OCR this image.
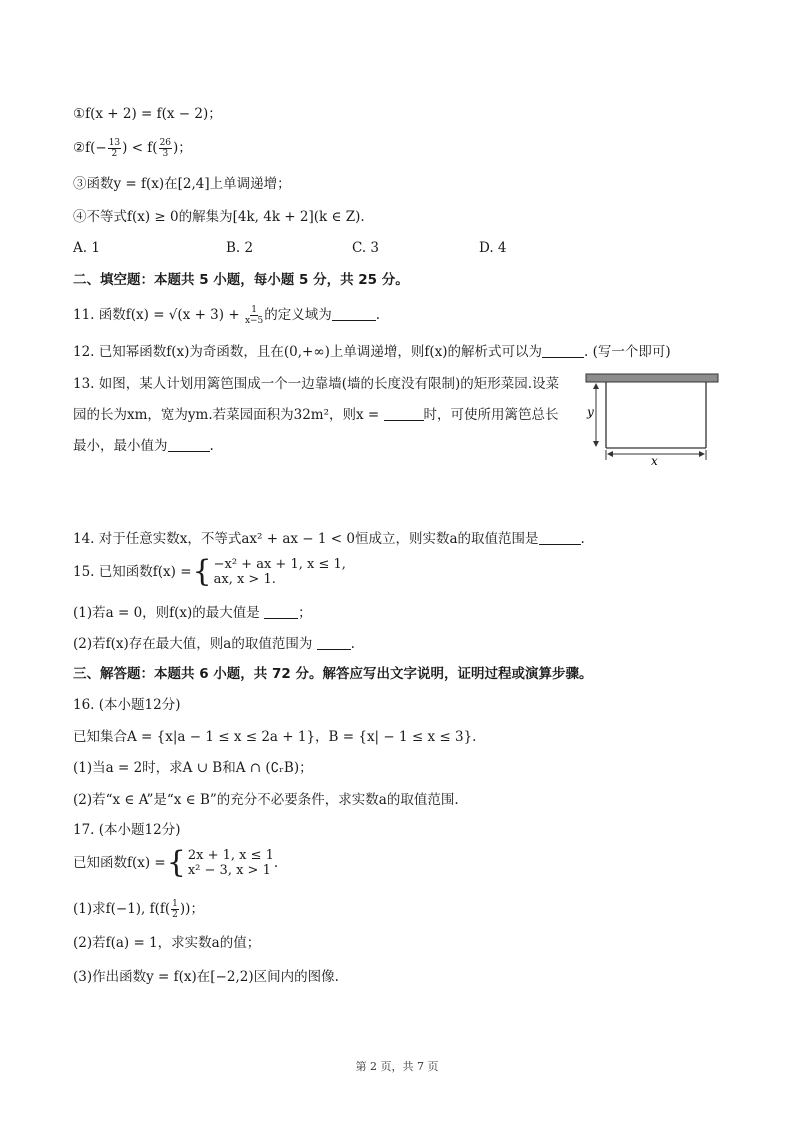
①f(x + 2) = f(x − 2)；
②f(− $\frac{13}{2}$ ) < $f( \frac{26}{3}$ )；
③函数y = f(x)在[2,4]上单调递增；
④不等式f(x) ≥ 0的解集为[4k, 4k + 2](k ∈ Z).
A. 1	B. 2	C. 3	D. 4
二、填空题：本题共 5 小题，每小题 5 分，共 25 分。
11. 函数$f(x) = √(x + 3) + \frac{1}{x-5}$ 的定义域为	.
12. 已知幂函数f(x)为奇函数，且在(0,+∞)上单调递增，则f(x)的解析式可以为	. (写一个即可)
13. 如图，某人计划用篱笆围成一个一边靠墙(墙的长度没有限制)的矩形菜园.设菜
园的长为xm，宽为ym.若菜园面积为32m²，则x =	时，可使所用篱笆总长
最小，最小值为	.
y
x
14. 对于任意实数x，不等式ax² + ax − 1 < 0恒成立，则实数a的取值范围是	.
15. 已知函数f(x) = { −x² + ax + 1, x ≤ 1,
ax, x > 1.
(1)若a = 0，则f(x)的最大值是	；
(2)若f(x)存在最大值，则a的取值范围为	.
三、解答题：本题共 6 小题，共 72 分。解答应写出文字说明，证明过程或演算步骤。
16. (本小题12分)
已知集合A = {x|a − 1 ≤ x ≤ 2a + 1}，B = {x| − 1 ≤ x ≤ 3}.
(1)当a = 2时，求A ∪ B和A ∩ (∁ᵣB)；
(2)若“x ∈ A”是“x ∈ B”的充分不必要条件，求实数a的取值范围.
17. (本小题12分)
已知函数f(x) = { 2x + 1, x ≤ 1
x² − 3, x > 1 .
(1)求f(−1), $f(f( \frac{1}{2}$ ))；
(2)若f(a) = 1，求实数a的值；
(3)作出函数y = f(x)在[−2,2)区间内的图像.
第 2 页，共 7 页
